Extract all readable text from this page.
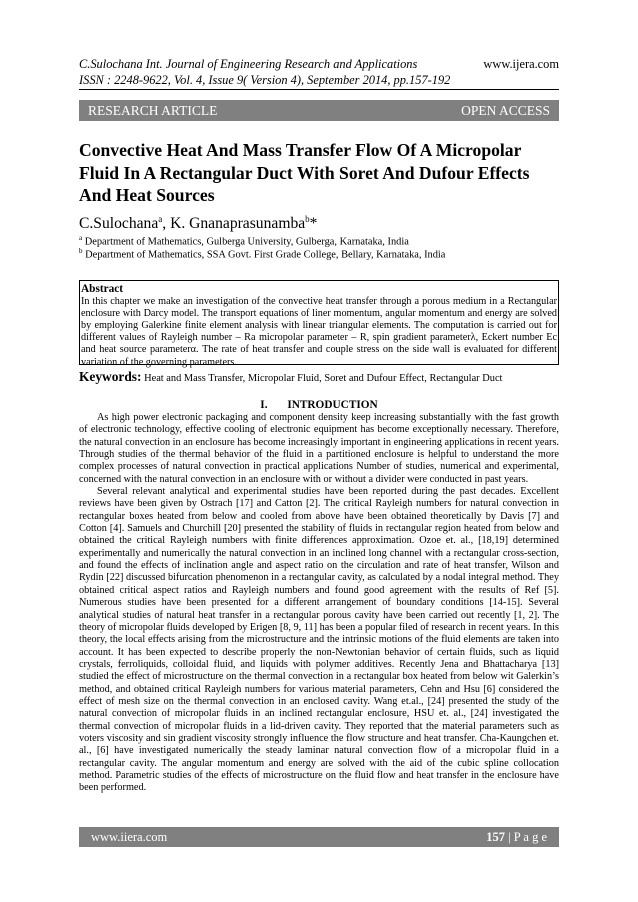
C.Sulochana Int. Journal of Engineering Research and Applications
ISSN : 2248-9622, Vol. 4, Issue 9( Version 4), September 2014, pp.157-192
www.ijera.com
RESEARCH ARTICLE	OPEN ACCESS
Convective Heat And Mass Transfer Flow Of A Micropolar Fluid In A Rectangular Duct With Soret And Dufour Effects And Heat Sources
C.Sulochana$^a$, K. Gnanaprasunamba$^b$*
$^a$ Department of Mathematics, Gulberga University, Gulberga, Karnataka, India
$^b$ Department of Mathematics, SSA Govt. First Grade College, Bellary, Karnataka, India
Abstract
In this chapter we make an investigation of the convective heat transfer through a porous medium in a Rectangular enclosure with Darcy model. The transport equations of liner momentum, angular momentum and energy are solved by employing Galerkine finite element analysis with linear triangular elements. The computation is carried out for different values of Rayleigh number – Ra micropolar parameter – R, spin gradient parameterλ, Eckert number Ec and heat source parameterα. The rate of heat transfer and couple stress on the side wall is evaluated for different variation of the governing parameters.
Keywords: Heat and Mass Transfer, Micropolar Fluid, Soret and Dufour Effect, Rectangular Duct
I. INTRODUCTION

As high power electronic packaging and component density keep increasing substantially with the fast growth of electronic technology, effective cooling of electronic equipment has become exceptionally necessary. Therefore, the natural convection in an enclosure has become increasingly important in engineering applications in recent years. Through studies of the thermal behavior of the fluid in a partitioned enclosure is helpful to understand the more complex processes of natural convection in practical applications Number of studies, numerical and experimental, concerned with the natural convection in an enclosure with or without a divider were conducted in past years.

Several relevant analytical and experimental studies have been reported during the past decades. Excellent reviews have been given by Ostrach [17] and Catton [2]. The critical Rayleigh numbers for natural convection in rectangular boxes heated from below and cooled from above have been obtained theoretically by Davis [7] and Cotton [4]. Samuels and Churchill [20] presented the stability of fluids in rectangular region heated from below and obtained the critical Rayleigh numbers with finite differences approximation. Ozoe et. al., [18,19] determined experimentally and numerically the natural convection in an inclined long channel with a rectangular cross-section, and found the effects of inclination angle and aspect ratio on the circulation and rate of heat transfer, Wilson and Rydin [22] discussed bifurcation phenomenon in a rectangular cavity, as calculated by a nodal integral method. They obtained critical aspect ratios and Rayleigh numbers and found good agreement with the results of Ref [5]. Numerous studies have been presented for a different arrangement of boundary conditions [14-15]. Several analytical studies of natural heat transfer in a rectangular porous cavity have been carried out recently [1, 2]. The theory of micropolar fluids developed by Erigen [8, 9, 11] has been a popular filed of research in recent years. In this theory, the local effects arising from the microstructure and the intrinsic motions of the fluid elements are taken into account. It has been expected to describe properly the non-Newtonian behavior of certain fluids, such as liquid crystals, ferroliquids, colloidal fluid, and liquids with polymer additives. Recently Jena and Bhattacharya [13] studied the effect of microstructure on the thermal convection in a rectangular box heated from below wit Galerkin’s method, and obtained critical Rayleigh numbers for various material parameters, Cehn and Hsu [6] considered the effect of mesh size on the thermal convection in an enclosed cavity. Wang et.al., [24] presented the study of the natural convection of micropolar fluids in an inclined rectangular enclosure, HSU et. al., [24] investigated the thermal convection of micropolar fluids in a lid-driven cavity. They reported that the material parameters such as voters viscosity and sin gradient viscosity strongly influence the flow structure and heat transfer. Cha-Kaungchen et. al., [6] have investigated numerically the steady laminar natural convection flow of a micropolar fluid in a rectangular cavity. The angular momentum and energy are solved with the aid of the cubic spline collocation method. Parametric studies of the effects of microstructure on the fluid flow and heat transfer in the enclosure have been performed.

www.iiera.com	157 | P a g e
